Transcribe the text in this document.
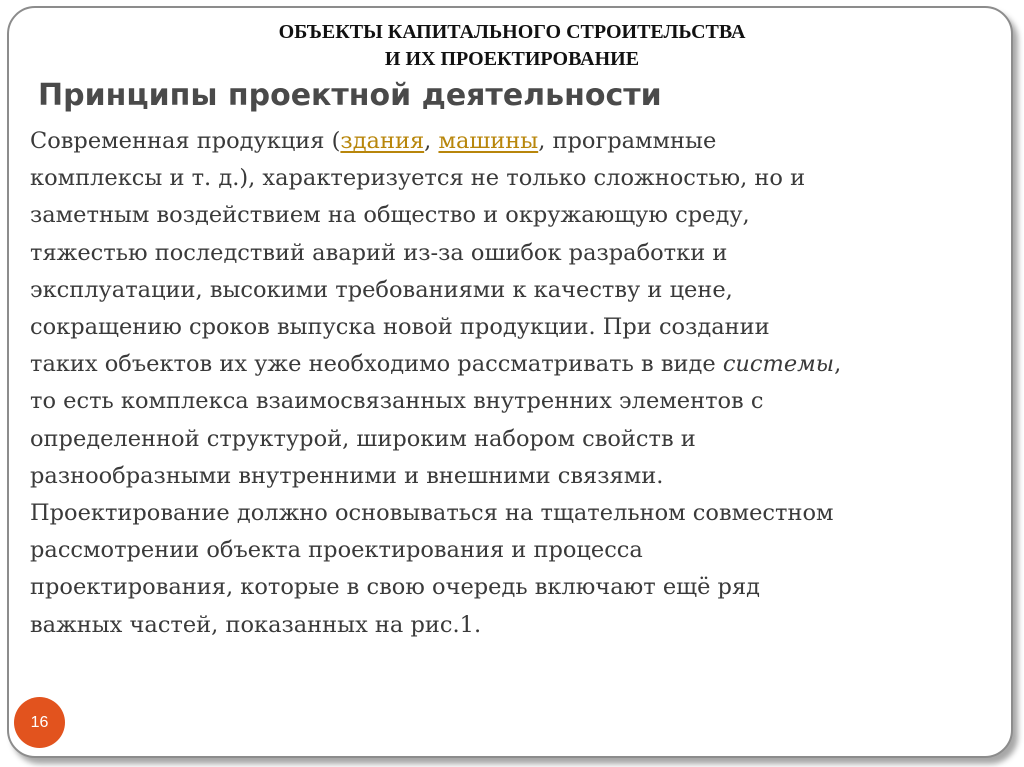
ОБЪЕКТЫ КАПИТАЛЬНОГО СТРОИТЕЛЬСТВА
И ИХ ПРОЕКТИРОВАНИЕ
Принципы проектной деятельности
Современная продукция (здания, машины, программные
комплексы и т. д.), характеризуется не только сложностью, но и
заметным воздействием на общество и окружающую среду,
тяжестью последствий аварий из-за ошибок разработки и
эксплуатации, высокими требованиями к качеству и цене,
сокращению сроков выпуска новой продукции. При создании
таких объектов их уже необходимо рассматривать в виде системы,
то есть комплекса взаимосвязанных внутренних элементов с
определенной структурой, широким набором свойств и
разнообразными внутренними и внешними связями.
Проектирование должно основываться на тщательном совместном
рассмотрении объекта проектирования и процесса
проектирования, которые в свою очередь включают ещё ряд
важных частей, показанных на рис.1.
16
